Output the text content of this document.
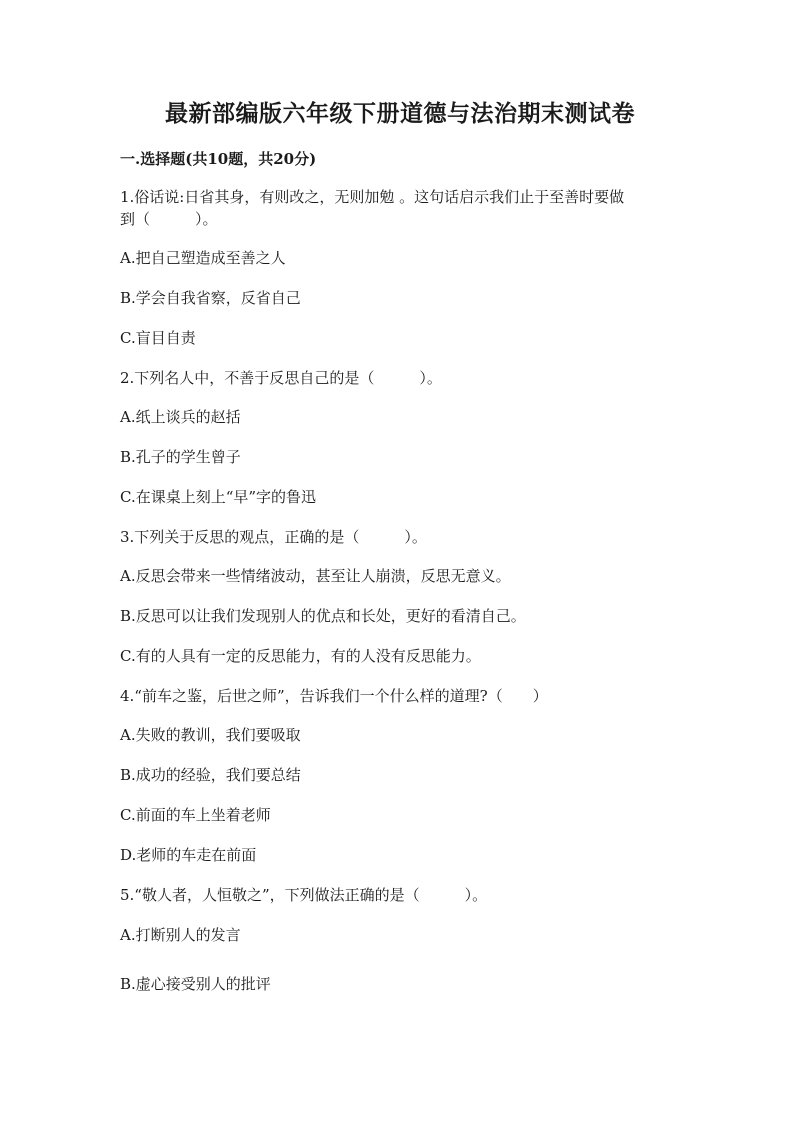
最新部编版六年级下册道德与法治期末测试卷
一.选择题(共10题，共20分)
1.俗话说:日省其身，有则改之，无则加勉 。这句话启示我们止于至善时要做
到（　　　）。
A.把自己塑造成至善之人
B.学会自我省察，反省自己
C.盲目自责
2.下列名人中，不善于反思自己的是（　　　）。
A.纸上谈兵的赵括
B.孔子的学生曾子
C.在课桌上刻上“早”字的鲁迅
3.下列关于反思的观点，正确的是（　　　）。
A.反思会带来一些情绪波动，甚至让人崩溃，反思无意义。
B.反思可以让我们发现别人的优点和长处，更好的看清自己。
C.有的人具有一定的反思能力，有的人没有反思能力。
4.“前车之鉴，后世之师”，告诉我们一个什么样的道理?（　　）
A.失败的教训，我们要吸取
B.成功的经验，我们要总结
C.前面的车上坐着老师
D.老师的车走在前面
5.“敬人者，人恒敬之”，下列做法正确的是（　　　）。
A.打断别人的发言
B.虚心接受别人的批评
